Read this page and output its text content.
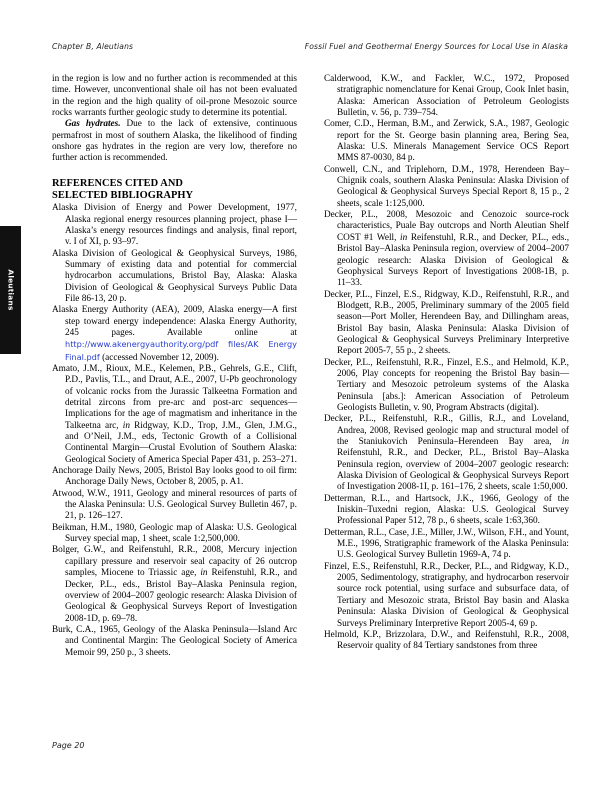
Chapter B, Aleutians	Fossil Fuel and Geothermal Energy Sources for Local Use in Alaska
Aleutians

in the region is low and no further action is recommended at this time. However, unconventional shale oil has not been evaluated in the region and the high quality of oil-prone Mesozoic source rocks warrants further geologic study to determine its potential.

Gas hydrates. Due to the lack of extensive, continuous permafrost in most of southern Alaska, the likelihood of finding onshore gas hydrates in the region are very low, therefore no further action is recommended.

REFERENCES CITED AND
SELECTED BIBLIOGRAPHY
Alaska Division of Energy and Power Development, 1977, Alaska regional energy resources planning project, phase I—Alaska’s energy resources findings and analysis, final report, v. I of XI, p. 93–97.
Alaska Division of Geological & Geophysical Surveys, 1986, Summary of existing data and potential for commercial hydrocarbon accumulations, Bristol Bay, Alaska: Alaska Division of Geological & Geophysical Surveys Public Data File 86-13, 20 p.
Alaska Energy Authority (AEA), 2009, Alaska energy—A first step toward energy independence: Alaska Energy Authority, 245 pages. Available online at http://www.akenergyauthority.org/pdf files/AK Energy Final.pdf (accessed November 12, 2009).
Amato, J.M., Rioux, M.E., Kelemen, P.B., Gehrels, G.E., Clift, P.D., Pavlis, T.L., and Draut, A.E., 2007, U-Pb geochronology of volcanic rocks from the Jurassic Talkeetna Formation and detrital zircons from pre-arc and post-arc sequences—Implications for the age of magmatism and inheritance in the Talkeetna arc, in Ridgway, K.D., Trop, J.M., Glen, J.M.G., and O’Neil, J.M., eds, Tectonic Growth of a Collisional Continental Margin—Crustal Evolution of Southern Alaska: Geological Society of America Special Paper 431, p. 253–271.
Anchorage Daily News, 2005, Bristol Bay looks good to oil firm: Anchorage Daily News, October 8, 2005, p. A1.
Atwood, W.W., 1911, Geology and mineral resources of parts of the Alaska Peninsula: U.S. Geological Survey Bulletin 467, p. 21, p. 126–127.
Beikman, H.M., 1980, Geologic map of Alaska: U.S. Geological Survey special map, 1 sheet, scale 1:2,500,000.
Bolger, G.W., and Reifenstuhl, R.R., 2008, Mercury injection capillary pressure and reservoir seal capacity of 26 outcrop samples, Miocene to Triassic age, in Reifenstuhl, R.R., and Decker, P.L., eds., Bristol Bay–Alaska Peninsula region, overview of 2004–2007 geologic research: Alaska Division of Geological & Geophysical Surveys Report of Investigation 2008-1D, p. 69–78.
Burk, C.A., 1965, Geology of the Alaska Peninsula—Island Arc and Continental Margin: The Geological Society of America Memoir 99, 250 p., 3 sheets.
Calderwood, K.W., and Fackler, W.C., 1972, Proposed stratigraphic nomenclature for Kenai Group, Cook Inlet basin, Alaska: American Association of Petroleum Geologists Bulletin, v. 56, p. 739–754.
Comer, C.D., Herman, B.M., and Zerwick, S.A., 1987, Geologic report for the St. George basin planning area, Bering Sea, Alaska: U.S. Minerals Management Service OCS Report MMS 87-0030, 84 p.
Conwell, C.N., and Triplehorn, D.M., 1978, Herendeen Bay–Chignik coals, southern Alaska Peninsula: Alaska Division of Geological & Geophysical Surveys Special Report 8, 15 p., 2 sheets, scale 1:125,000.
Decker, P.L., 2008, Mesozoic and Cenozoic source-rock characteristics, Puale Bay outcrops and North Aleutian Shelf COST #1 Well, in Reifenstuhl, R.R., and Decker, P.L., eds., Bristol Bay–Alaska Peninsula region, overview of 2004–2007 geologic research: Alaska Division of Geological & Geophysical Surveys Report of Investigations 2008-1B, p. 11–33.
Decker, P.L., Finzel, E.S., Ridgway, K.D., Reifenstuhl, R.R., and Blodgett, R.B., 2005, Preliminary summary of the 2005 field season—Port Moller, Herendeen Bay, and Dillingham areas, Bristol Bay basin, Alaska Peninsula: Alaska Division of Geological & Geophysical Surveys Preliminary Interpretive Report 2005-7, 55 p., 2 sheets.
Decker, P.L., Reifenstuhl, R.R., Finzel, E.S., and Helmold, K.P., 2006, Play concepts for reopening the Bristol Bay basin—Tertiary and Mesozoic petroleum systems of the Alaska Peninsula [abs.]: American Association of Petroleum Geologists Bulletin, v. 90, Program Abstracts (digital).
Decker, P.L., Reifenstuhl, R.R., Gillis, R.J., and Loveland, Andrea, 2008, Revised geologic map and structural model of the Staniukovich Peninsula–Herendeen Bay area, in Reifenstuhl, R.R., and Decker, P.L., Bristol Bay–Alaska Peninsula region, overview of 2004–2007 geologic research: Alaska Division of Geological & Geophysical Surveys Report of Investigation 2008-1I, p. 161–176, 2 sheets, scale 1:50,000.
Detterman, R.L., and Hartsock, J.K., 1966, Geology of the Iniskin–Tuxedni region, Alaska: U.S. Geological Survey Professional Paper 512, 78 p., 6 sheets, scale 1:63,360.
Detterman, R.L., Case, J.E., Miller, J.W., Wilson, F.H., and Yount, M.E., 1996, Stratigraphic framework of the Alaska Peninsula: U.S. Geological Survey Bulletin 1969-A, 74 p.
Finzel, E.S., Reifenstuhl, R.R., Decker, P.L., and Ridgway, K.D., 2005, Sedimentology, stratigraphy, and hydrocarbon reservoir source rock potential, using surface and subsurface data, of Tertiary and Mesozoic strata, Bristol Bay basin and Alaska Peninsula: Alaska Division of Geological & Geophysical Surveys Preliminary Interpretive Report 2005-4, 69 p.
Helmold, K.P., Brizzolara, D.W., and Reifenstuhl, R.R., 2008, Reservoir quality of 84 Tertiary sandstones from three
Page 20
